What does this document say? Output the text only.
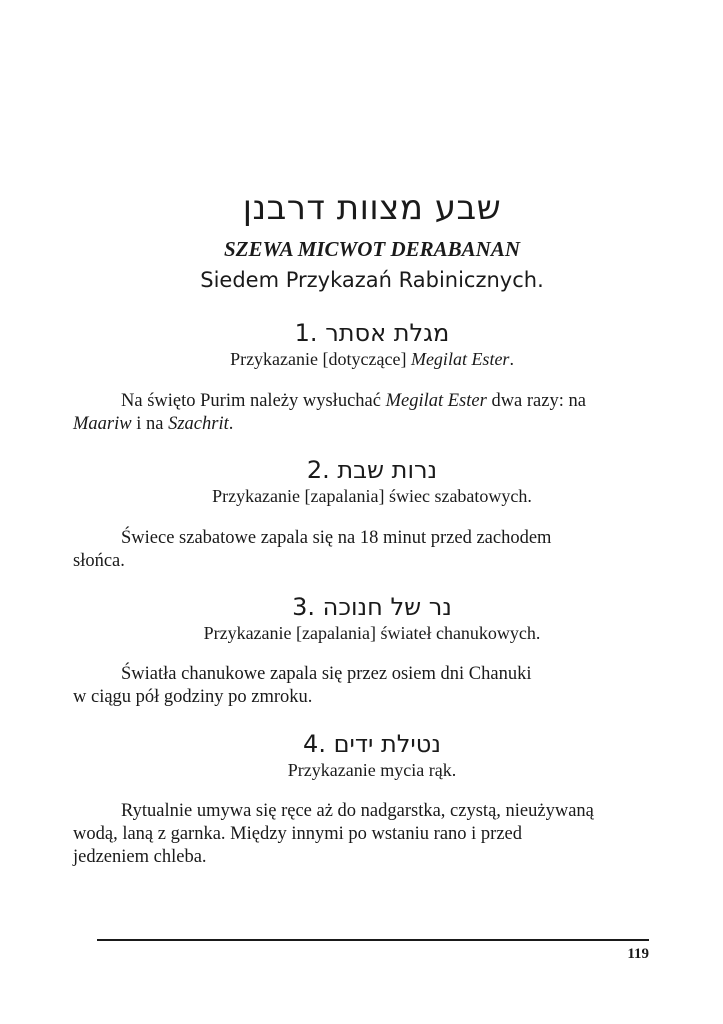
שבע מצוות דרבנן
SZEWA MICWOT DERABANAN
Siedem Przykazań Rabinicznych.
1. מגלת אסתר
Przykazanie [dotyczące] Megilat Ester.
Na święto Purim należy wysłuchać Megilat Ester dwa razy: na
Maariw i na Szachrit.
2. נרות שבת
Przykazanie [zapalania] świec szabatowych.
Świece szabatowe zapala się na 18 minut przed zachodem
słońca.
3. נר של חנוכה
Przykazanie [zapalania] świateł chanukowych.
Światła chanukowe zapala się przez osiem dni Chanuki
w ciągu pół godziny po zmroku.
4. נטילת ידים
Przykazanie mycia rąk.
Rytualnie umywa się ręce aż do nadgarstka, czystą, nieużywaną
wodą, laną z garnka. Między innymi po wstaniu rano i przed
jedzeniem chleba.
119
